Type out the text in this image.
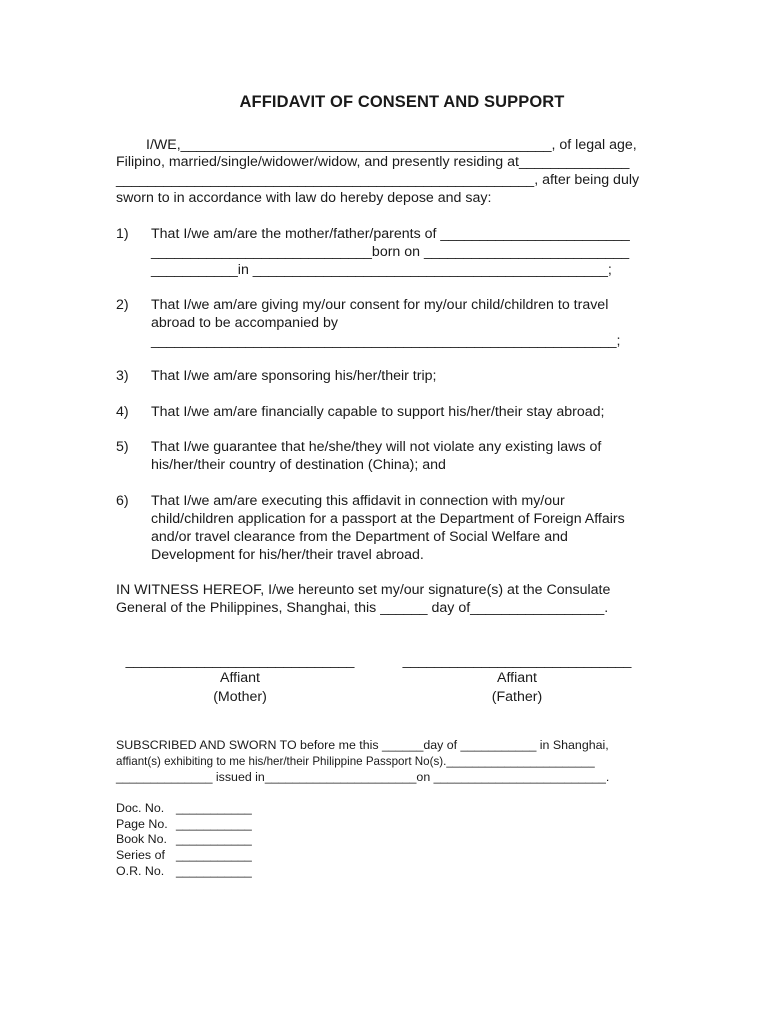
AFFIDAVIT OF CONSENT AND SUPPORT
I/WE,_______________________________________________, of legal age,
Filipino, married/single/widower/widow, and presently residing at______________
_____________________________________________________, after being duly
sworn to in accordance with law do hereby depose and say:
1) That I/we am/are the mother/father/parents of ________________________
____________________________born on __________________________
___________in _____________________________________________;
2) That I/we am/are giving my/our consent for my/our child/children to travel
abroad to be accompanied by
___________________________________________________________;
3) That I/we am/are sponsoring his/her/their trip;
4) That I/we am/are financially capable to support his/her/their stay abroad;
5) That I/we guarantee that he/she/they will not violate any existing laws of
his/her/their country of destination (China); and
6) That I/we am/are executing this affidavit in connection with my/our
child/children application for a passport at the Department of Foreign Affairs
and/or travel clearance from the Department of Social Welfare and
Development for his/her/their travel abroad.
IN WITNESS HEREOF, I/we hereunto set my/our signature(s) at the Consulate
General of the Philippines, Shanghai, this ______ day of_________________.
_____________________________
Affiant
(Mother)
_____________________________
Affiant
(Father)
SUBSCRIBED AND SWORN TO before me this ______day of ___________ in Shanghai,
affiant(s) exhibiting to me his/her/their Philippine Passport No(s)._______________________
______________ issued in______________________on _________________________.
Doc. No. ___________
Page No. ___________
Book No. ___________
Series of ___________
O.R. No. ___________
